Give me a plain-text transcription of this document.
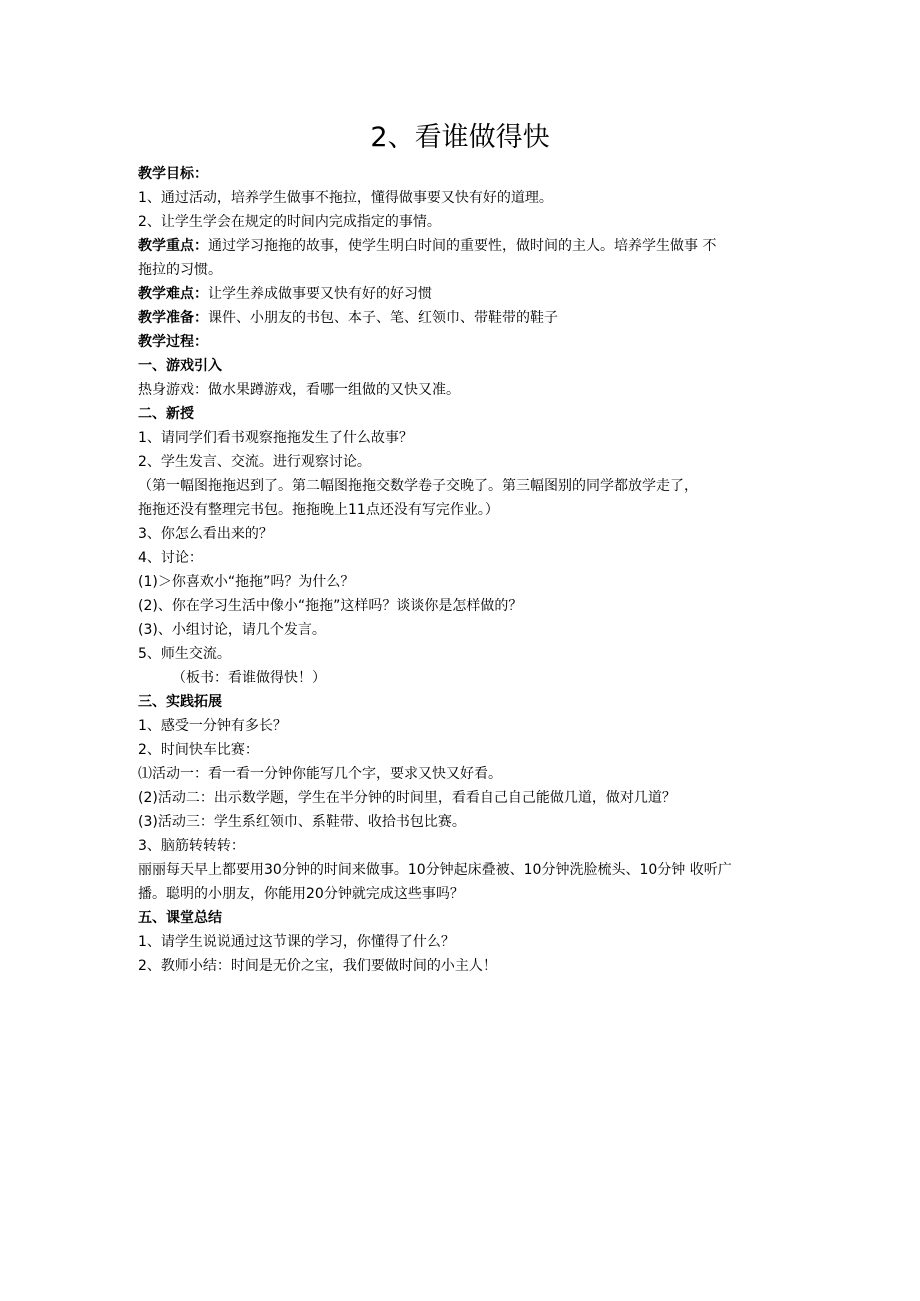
2、看谁做得快
教学目标：
1、通过活动，培养学生做事不拖拉，懂得做事要又快有好的道理。
2、让学生学会在规定的时间内完成指定的事情。
教学重点：通过学习拖拖的故事，使学生明白时间的重要性，做时间的主人。培养学生做事 不
拖拉的习惯。
教学难点：让学生养成做事要又快有好的好习惯
教学准备：课件、小朋友的书包、本子、笔、红领巾、带鞋带的鞋子
教学过程：
一、游戏引入
热身游戏：做水果蹲游戏，看哪一组做的又快又准。
二、新授
1、请同学们看书观察拖拖发生了什么故事？
2、学生发言、交流。进行观察讨论。
（第一幅图拖拖迟到了。第二幅图拖拖交数学卷子交晚了。第三幅图别的同学都放学走了，
拖拖还没有整理完书包。拖拖晚上11点还没有写完作业。）
3、你怎么看出来的？
4、讨论：
(1)＞你喜欢小“拖拖”吗？为什么？
(2)、你在学习生活中像小“拖拖”这样吗？谈谈你是怎样做的？
(3)、小组讨论，请几个发言。
5、师生交流。
（板书：看谁做得快！）
三、实践拓展
1、感受一分钟有多长？
2、时间快车比赛：
⑴活动一：看一看一分钟你能写几个字，要求又快又好看。
(2)活动二：出示数学题，学生在半分钟的时间里，看看自己自己能做几道，做对几道？
(3)活动三：学生系红领巾、系鞋带、收拾书包比赛。
3、脑筋转转转：
丽丽每天早上都要用30分钟的时间来做事。10分钟起床叠被、10分钟洗脸梳头、10分钟 收听广
播。聪明的小朋友，你能用20分钟就完成这些事吗？
五、课堂总结
1、请学生说说通过这节课的学习，你懂得了什么？
2、教师小结：时间是无价之宝，我们要做时间的小主人！
